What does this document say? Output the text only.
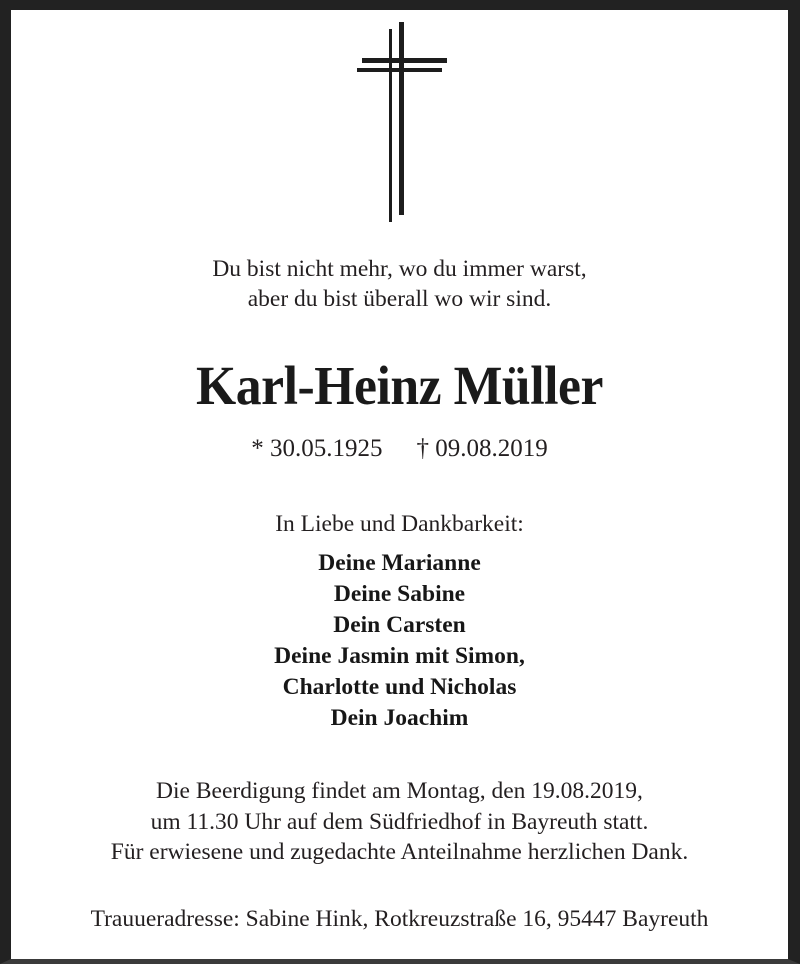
Du bist nicht mehr, wo du immer warst,
aber du bist überall wo wir sind.
Karl-Heinz Müller
* 30.05.1925 † 09.08.2019
In Liebe und Dankbarkeit:
Deine Marianne
Deine Sabine
Dein Carsten
Deine Jasmin mit Simon,
Charlotte und Nicholas
Dein Joachim
Die Beerdigung findet am Montag, den 19.08.2019,
um 11.30 Uhr auf dem Südfriedhof in Bayreuth statt.
Für erwiesene und zugedachte Anteilnahme herzlichen Dank.
Trauueradresse: Sabine Hink, Rotkreuzstraße 16, 95447 Bayreuth
